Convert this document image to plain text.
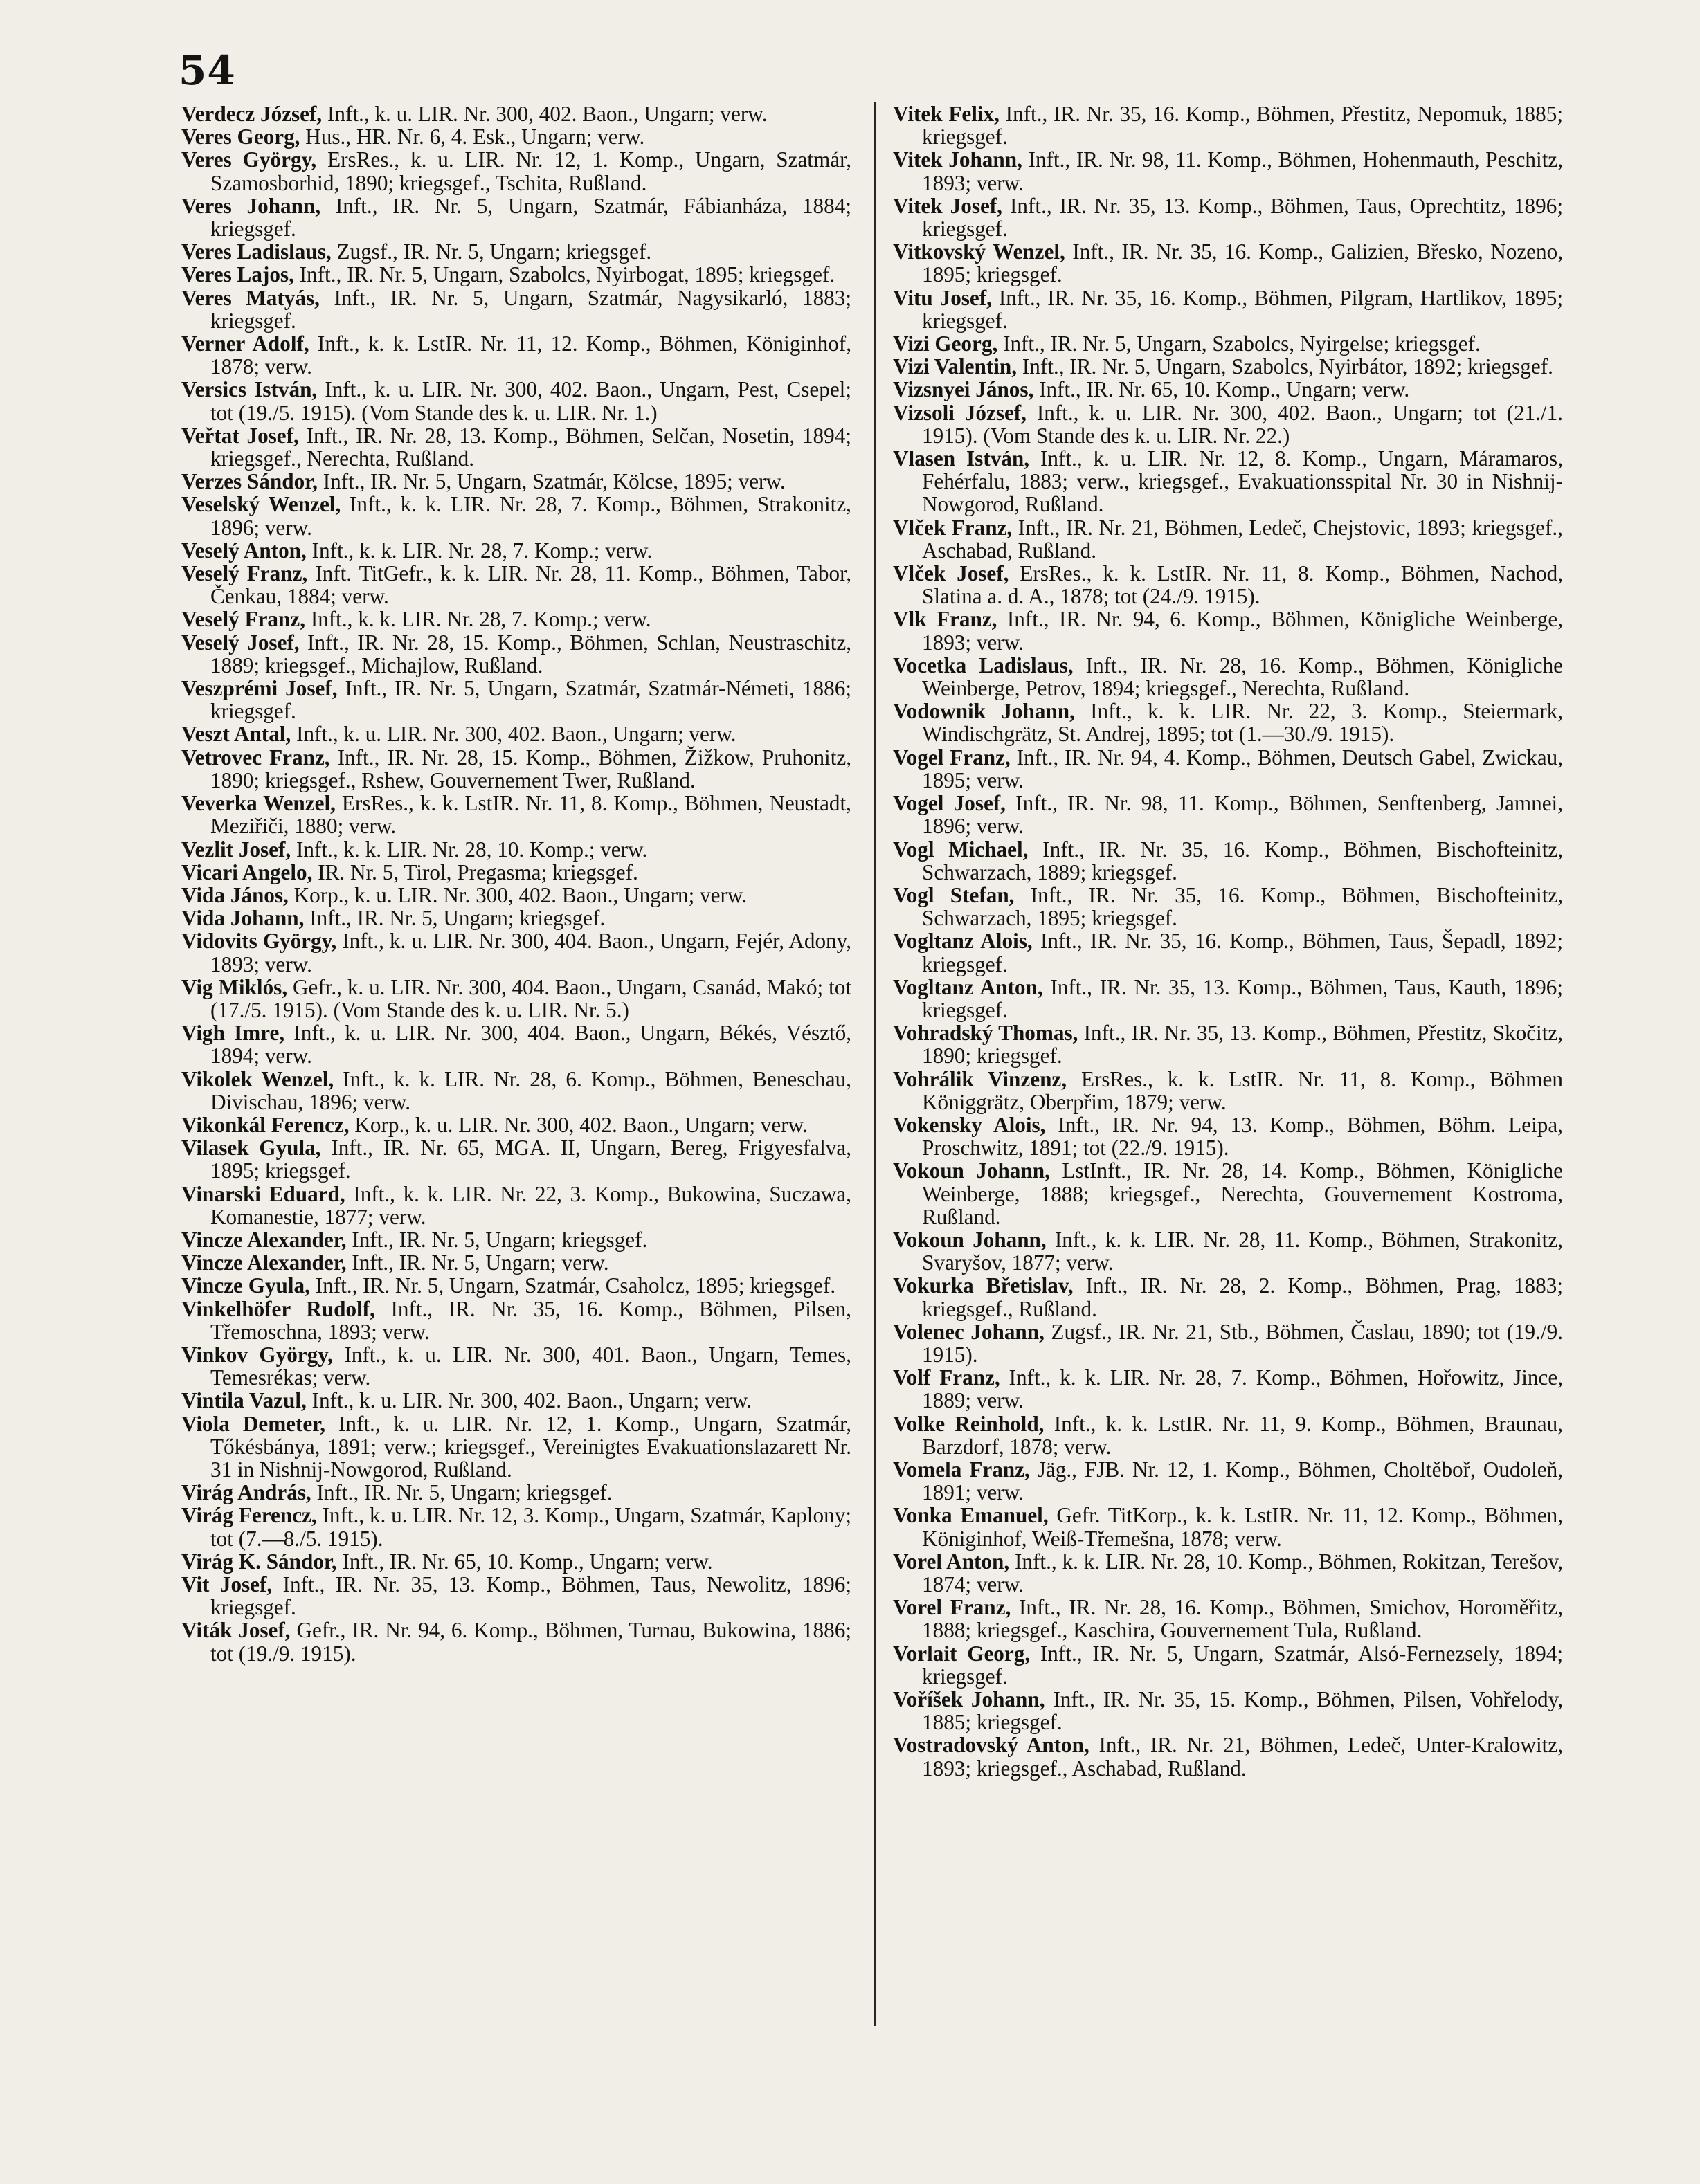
54

Verdecz József, Inft., k. u. LIR. Nr. 300, 402. Baon., Ungarn; verw.

Veres Georg, Hus., HR. Nr. 6, 4. Esk., Ungarn; verw.

Veres György, ErsRes., k. u. LIR. Nr. 12, 1. Komp., Ungarn, Szatmár, Szamosborhid, 1890; kriegsgef., Tschita, Rußland.

Veres Johann, Inft., IR. Nr. 5, Ungarn, Szatmár, Fábianháza, 1884; kriegsgef.

Veres Ladislaus, Zugsf., IR. Nr. 5, Ungarn; kriegsgef.

Veres Lajos, Inft., IR. Nr. 5, Ungarn, Szabolcs, Nyirbogat, 1895; kriegsgef.

Veres Matyás, Inft., IR. Nr. 5, Ungarn, Szatmár, Nagysikarló, 1883; kriegsgef.

Verner Adolf, Inft., k. k. LstIR. Nr. 11, 12. Komp., Böhmen, Königinhof, 1878; verw.

Versics István, Inft., k. u. LIR. Nr. 300, 402. Baon., Ungarn, Pest, Csepel; tot (19./5. 1915). (Vom Stande des k. u. LIR. Nr. 1.)

Veřtat Josef, Inft., IR. Nr. 28, 13. Komp., Böhmen, Selčan, Nosetin, 1894; kriegsgef., Nerechta, Rußland.

Verzes Sándor, Inft., IR. Nr. 5, Ungarn, Szatmár, Kölcse, 1895; verw.

Veselský Wenzel, Inft., k. k. LIR. Nr. 28, 7. Komp., Böhmen, Strakonitz, 1896; verw.

Veselý Anton, Inft., k. k. LIR. Nr. 28, 7. Komp.; verw.

Veselý Franz, Inft. TitGefr., k. k. LIR. Nr. 28, 11. Komp., Böhmen, Tabor, Čenkau, 1884; verw.

Veselý Franz, Inft., k. k. LIR. Nr. 28, 7. Komp.; verw.

Veselý Josef, Inft., IR. Nr. 28, 15. Komp., Böhmen, Schlan, Neustraschitz, 1889; kriegsgef., Michajlow, Rußland.

Veszprémi Josef, Inft., IR. Nr. 5, Ungarn, Szatmár, Szatmár-Németi, 1886; kriegsgef.

Veszt Antal, Inft., k. u. LIR. Nr. 300, 402. Baon., Ungarn; verw.

Vetrovec Franz, Inft., IR. Nr. 28, 15. Komp., Böhmen, Žižkow, Pruhonitz, 1890; kriegsgef., Rshew, Gouvernement Twer, Rußland.

Veverka Wenzel, ErsRes., k. k. LstIR. Nr. 11, 8. Komp., Böhmen, Neustadt, Meziřiči, 1880; verw.

Vezlit Josef, Inft., k. k. LIR. Nr. 28, 10. Komp.; verw.

Vicari Angelo, IR. Nr. 5, Tirol, Pregasma; kriegsgef.

Vida János, Korp., k. u. LIR. Nr. 300, 402. Baon., Ungarn; verw.

Vida Johann, Inft., IR. Nr. 5, Ungarn; kriegsgef.

Vidovits György, Inft., k. u. LIR. Nr. 300, 404. Baon., Ungarn, Fejér, Adony, 1893; verw.

Vig Miklós, Gefr., k. u. LIR. Nr. 300, 404. Baon., Ungarn, Csanád, Makó; tot (17./5. 1915). (Vom Stande des k. u. LIR. Nr. 5.)

Vigh Imre, Inft., k. u. LIR. Nr. 300, 404. Baon., Ungarn, Békés, Vésztő, 1894; verw.

Vikolek Wenzel, Inft., k. k. LIR. Nr. 28, 6. Komp., Böhmen, Beneschau, Divischau, 1896; verw.

Vikonkál Ferencz, Korp., k. u. LIR. Nr. 300, 402. Baon., Ungarn; verw.

Vilasek Gyula, Inft., IR. Nr. 65, MGA. II, Ungarn, Bereg, Frigyesfalva, 1895; kriegsgef.

Vinarski Eduard, Inft., k. k. LIR. Nr. 22, 3. Komp., Bukowina, Suczawa, Komanestie, 1877; verw.

Vincze Alexander, Inft., IR. Nr. 5, Ungarn; kriegsgef.

Vincze Alexander, Inft., IR. Nr. 5, Ungarn; verw.

Vincze Gyula, Inft., IR. Nr. 5, Ungarn, Szatmár, Csaholcz, 1895; kriegsgef.

Vinkelhöfer Rudolf, Inft., IR. Nr. 35, 16. Komp., Böhmen, Pilsen, Třemoschna, 1893; verw.

Vinkov György, Inft., k. u. LIR. Nr. 300, 401. Baon., Ungarn, Temes, Temesrékas; verw.

Vintila Vazul, Inft., k. u. LIR. Nr. 300, 402. Baon., Ungarn; verw.

Viola Demeter, Inft., k. u. LIR. Nr. 12, 1. Komp., Ungarn, Szatmár, Tőkésbánya, 1891; verw.; kriegsgef., Vereinigtes Evakuationslazarett Nr. 31 in Nishnij-Nowgorod, Rußland.

Virág András, Inft., IR. Nr. 5, Ungarn; kriegsgef.

Virág Ferencz, Inft., k. u. LIR. Nr. 12, 3. Komp., Ungarn, Szatmár, Kaplony; tot (7.—8./5. 1915).

Virág K. Sándor, Inft., IR. Nr. 65, 10. Komp., Ungarn; verw.

Vit Josef, Inft., IR. Nr. 35, 13. Komp., Böhmen, Taus, Newolitz, 1896; kriegsgef.

Viták Josef, Gefr., IR. Nr. 94, 6. Komp., Böhmen, Turnau, Bukowina, 1886; tot (19./9. 1915).

Vitek Felix, Inft., IR. Nr. 35, 16. Komp., Böhmen, Přestitz, Nepomuk, 1885; kriegsgef.

Vitek Johann, Inft., IR. Nr. 98, 11. Komp., Böhmen, Hohenmauth, Peschitz, 1893; verw.

Vitek Josef, Inft., IR. Nr. 35, 13. Komp., Böhmen, Taus, Oprechtitz, 1896; kriegsgef.

Vitkovský Wenzel, Inft., IR. Nr. 35, 16. Komp., Galizien, Břesko, Nozeno, 1895; kriegsgef.

Vitu Josef, Inft., IR. Nr. 35, 16. Komp., Böhmen, Pilgram, Hartlikov, 1895; kriegsgef.

Vizi Georg, Inft., IR. Nr. 5, Ungarn, Szabolcs, Nyirgelse; kriegsgef.

Vizi Valentin, Inft., IR. Nr. 5, Ungarn, Szabolcs, Nyirbátor, 1892; kriegsgef.

Vizsnyei János, Inft., IR. Nr. 65, 10. Komp., Ungarn; verw.

Vizsoli József, Inft., k. u. LIR. Nr. 300, 402. Baon., Ungarn; tot (21./1. 1915). (Vom Stande des k. u. LIR. Nr. 22.)

Vlasen István, Inft., k. u. LIR. Nr. 12, 8. Komp., Ungarn, Máramaros, Fehérfalu, 1883; verw., kriegsgef., Evakuationsspital Nr. 30 in Nishnij-Nowgorod, Rußland.

Vlček Franz, Inft., IR. Nr. 21, Böhmen, Ledeč, Chejstovic, 1893; kriegsgef., Aschabad, Rußland.

Vlček Josef, ErsRes., k. k. LstIR. Nr. 11, 8. Komp., Böhmen, Nachod, Slatina a. d. A., 1878; tot (24./9. 1915).

Vlk Franz, Inft., IR. Nr. 94, 6. Komp., Böhmen, Königliche Weinberge, 1893; verw.

Vocetka Ladislaus, Inft., IR. Nr. 28, 16. Komp., Böhmen, Königliche Weinberge, Petrov, 1894; kriegsgef., Nerechta, Rußland.

Vodownik Johann, Inft., k. k. LIR. Nr. 22, 3. Komp., Steiermark, Windischgrätz, St. Andrej, 1895; tot (1.—30./9. 1915).

Vogel Franz, Inft., IR. Nr. 94, 4. Komp., Böhmen, Deutsch Gabel, Zwickau, 1895; verw.

Vogel Josef, Inft., IR. Nr. 98, 11. Komp., Böhmen, Senftenberg, Jamnei, 1896; verw.

Vogl Michael, Inft., IR. Nr. 35, 16. Komp., Böhmen, Bischofteinitz, Schwarzach, 1889; kriegsgef.

Vogl Stefan, Inft., IR. Nr. 35, 16. Komp., Böhmen, Bischofteinitz, Schwarzach, 1895; kriegsgef.

Vogltanz Alois, Inft., IR. Nr. 35, 16. Komp., Böhmen, Taus, Šepadl, 1892; kriegsgef.

Vogltanz Anton, Inft., IR. Nr. 35, 13. Komp., Böhmen, Taus, Kauth, 1896; kriegsgef.

Vohradský Thomas, Inft., IR. Nr. 35, 13. Komp., Böhmen, Přestitz, Skočitz, 1890; kriegsgef.

Vohrálik Vinzenz, ErsRes., k. k. LstIR. Nr. 11, 8. Komp., Böhmen Königgrätz, Oberpřim, 1879; verw.

Vokensky Alois, Inft., IR. Nr. 94, 13. Komp., Böhmen, Böhm. Leipa, Proschwitz, 1891; tot (22./9. 1915).

Vokoun Johann, LstInft., IR. Nr. 28, 14. Komp., Böhmen, Königliche Weinberge, 1888; kriegsgef., Nerechta, Gouvernement Kostroma, Rußland.

Vokoun Johann, Inft., k. k. LIR. Nr. 28, 11. Komp., Böhmen, Strakonitz, Svaryšov, 1877; verw.

Vokurka Břetislav, Inft., IR. Nr. 28, 2. Komp., Böhmen, Prag, 1883; kriegsgef., Rußland.

Volenec Johann, Zugsf., IR. Nr. 21, Stb., Böhmen, Časlau, 1890; tot (19./9. 1915).

Volf Franz, Inft., k. k. LIR. Nr. 28, 7. Komp., Böhmen, Hořowitz, Jince, 1889; verw.

Volke Reinhold, Inft., k. k. LstIR. Nr. 11, 9. Komp., Böhmen, Braunau, Barzdorf, 1878; verw.

Vomela Franz, Jäg., FJB. Nr. 12, 1. Komp., Böhmen, Choltěboř, Oudoleň, 1891; verw.

Vonka Emanuel, Gefr. TitKorp., k. k. LstIR. Nr. 11, 12. Komp., Böhmen, Königinhof, Weiß-Třemešna, 1878; verw.

Vorel Anton, Inft., k. k. LIR. Nr. 28, 10. Komp., Böhmen, Rokitzan, Terešov, 1874; verw.

Vorel Franz, Inft., IR. Nr. 28, 16. Komp., Böhmen, Smichov, Horoměřitz, 1888; kriegsgef., Kaschira, Gouvernement Tula, Rußland.

Vorlait Georg, Inft., IR. Nr. 5, Ungarn, Szatmár, Alsó-Fernezsely, 1894; kriegsgef.

Voříšek Johann, Inft., IR. Nr. 35, 15. Komp., Böhmen, Pilsen, Vohřelody, 1885; kriegsgef.

Vostradovský Anton, Inft., IR. Nr. 21, Böhmen, Ledeč, Unter-Kralowitz, 1893; kriegsgef., Aschabad, Rußland.
